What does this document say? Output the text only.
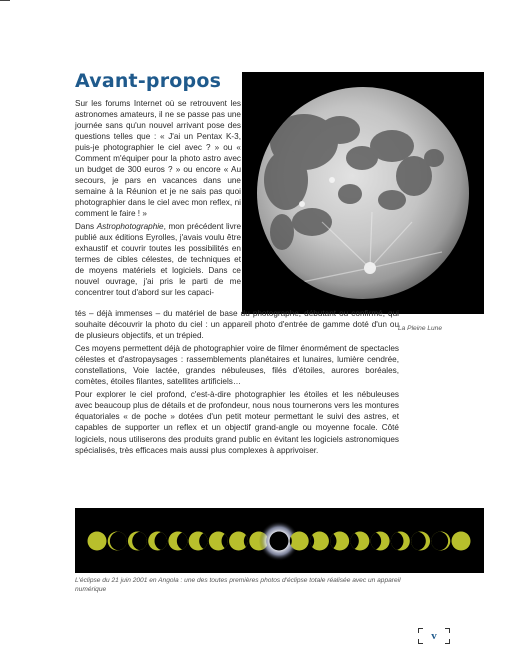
Avant-propos

Sur les forums Internet où se retrouvent les astronomes amateurs, il ne se passe pas une journée sans qu'un nouvel arrivant pose des questions telles que : « J'ai un Pentax K-3, puis-je photographier le ciel avec ? » ou « Comment m'équiper pour la photo astro avec un budget de 300 euros ? » ou encore « Au secours, je pars en vacances dans une semaine à la Réunion et je ne sais pas quoi photographier dans le ciel avec mon reflex, ni comment le faire ! »

Dans Astrophotographie, mon précédent livre publié aux éditions Eyrolles, j'avais voulu être exhaustif et couvrir toutes les possibilités en termes de cibles célestes, de techniques et de moyens matériels et logiciels. Dans ce nouvel ouvrage, j'ai pris le parti de me concentrer tout d'abord sur les capaci-

La Pleine Lune

tés – déjà immenses – du matériel de base du photographe, débutant ou confirmé, qui souhaite découvrir la photo du ciel : un appareil photo d'entrée de gamme doté d'un ou de plusieurs objectifs, et un trépied.

Ces moyens permettent déjà de photographier voire de filmer énormément de spectacles célestes et d'astropaysages : rassemblements planétaires et lunaires, lumière cendrée, constellations, Voie lactée, grandes nébuleuses, filés d'étoiles, aurores boréales, comètes, étoiles filantes, satellites artificiels…

Pour explorer le ciel profond, c'est-à-dire photographier les étoiles et les nébuleuses avec beaucoup plus de détails et de profondeur, nous nous tournerons vers les montures équatoriales « de poche » dotées d'un petit moteur permettant le suivi des astres, et capables de supporter un reflex et un objectif grand-angle ou moyenne focale. Côté logiciels, nous utiliserons des produits grand public en évitant les logiciels astronomiques spécialisés, très efficaces mais aussi plus complexes à apprivoiser.

L'éclipse du 21 juin 2001 en Angola : une des toutes premières photos d'éclipse totale réalisée avec un appareil numérique
v
